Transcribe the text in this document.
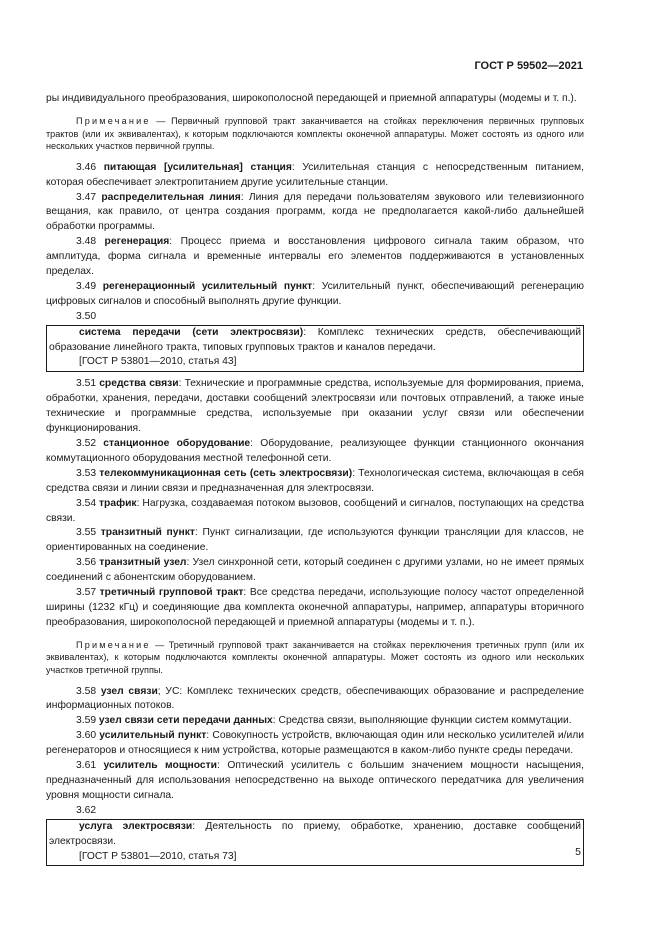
ГОСТ Р 59502—2021

ры индивидуального преобразования, широкополосной передающей и приемной аппаратуры (модемы и т. п.).

Примечание — Первичный групповой тракт заканчивается на стойках переключения первичных групповых трактов (или их эквивалентах), к которым подключаются комплекты оконечной аппаратуры. Может состоять из одного или нескольких участков первичной группы.

3.46 питающая [усилительная] станция: Усилительная станция с непосредственным питанием, которая обеспечивает электропитанием другие усилительные станции.

3.47 распределительная линия: Линия для передачи пользователям звукового или телевизионного вещания, как правило, от центра создания программ, когда не предполагается какой-либо дальнейшей обработки программы.

3.48 регенерация: Процесс приема и восстановления цифрового сигнала таким образом, что амплитуда, форма сигнала и временные интервалы его элементов поддерживаются в установленных пределах.

3.49 регенерационный усилительный пункт: Усилительный пункт, обеспечивающий регенерацию цифровых сигналов и способный выполнять другие функции.

3.50

система передачи (сети электросвязи): Комплекс технических средств, обеспечивающий образование линейного тракта, типовых групповых трактов и каналов передачи.

[ГОСТ Р 53801—2010, статья 43]

3.51 средства связи: Технические и программные средства, используемые для формирования, приема, обработки, хранения, передачи, доставки сообщений электросвязи или почтовых отправлений, а также иные технические и программные средства, используемые при оказании услуг связи или обеспечении функционирования.

3.52 станционное оборудование: Оборудование, реализующее функции станционного окончания коммутационного оборудования местной телефонной сети.

3.53 телекоммуникационная сеть (сеть электросвязи): Технологическая система, включающая в себя средства связи и линии связи и предназначенная для электросвязи.

3.54 трафик: Нагрузка, создаваемая потоком вызовов, сообщений и сигналов, поступающих на средства связи.

3.55 транзитный пункт: Пункт сигнализации, где используются функции трансляции для классов, не ориентированных на соединение.

3.56 транзитный узел: Узел синхронной сети, который соединен с другими узлами, но не имеет прямых соединений с абонентским оборудованием.

3.57 третичный групповой тракт: Все средства передачи, использующие полосу частот определенной ширины (1232 кГц) и соединяющие два комплекта оконечной аппаратуры, например, аппаратуры вторичного преобразования, широкополосной передающей и приемной аппаратуры (модемы и т. п.).

Примечание — Третичный групповой тракт заканчивается на стойках переключения третичных групп (или их эквивалентах), к которым подключаются комплекты оконечной аппаратуры. Может состоять из одного или нескольких участков третичной группы.

3.58 узел связи; УС: Комплекс технических средств, обеспечивающих образование и распределение информационных потоков.

3.59 узел связи сети передачи данных: Средства связи, выполняющие функции систем коммутации.

3.60 усилительный пункт: Совокупность устройств, включающая один или несколько усилителей и/или регенераторов и относящиеся к ним устройства, которые размещаются в каком-либо пункте среды передачи.

3.61 усилитель мощности: Оптический усилитель с большим значением мощности насыщения, предназначенный для использования непосредственно на выходе оптического передатчика для увеличения уровня мощности сигнала.

3.62

услуга электросвязи: Деятельность по приему, обработке, хранению, доставке сообщений электросвязи.

[ГОСТ Р 53801—2010, статья 73]	5
